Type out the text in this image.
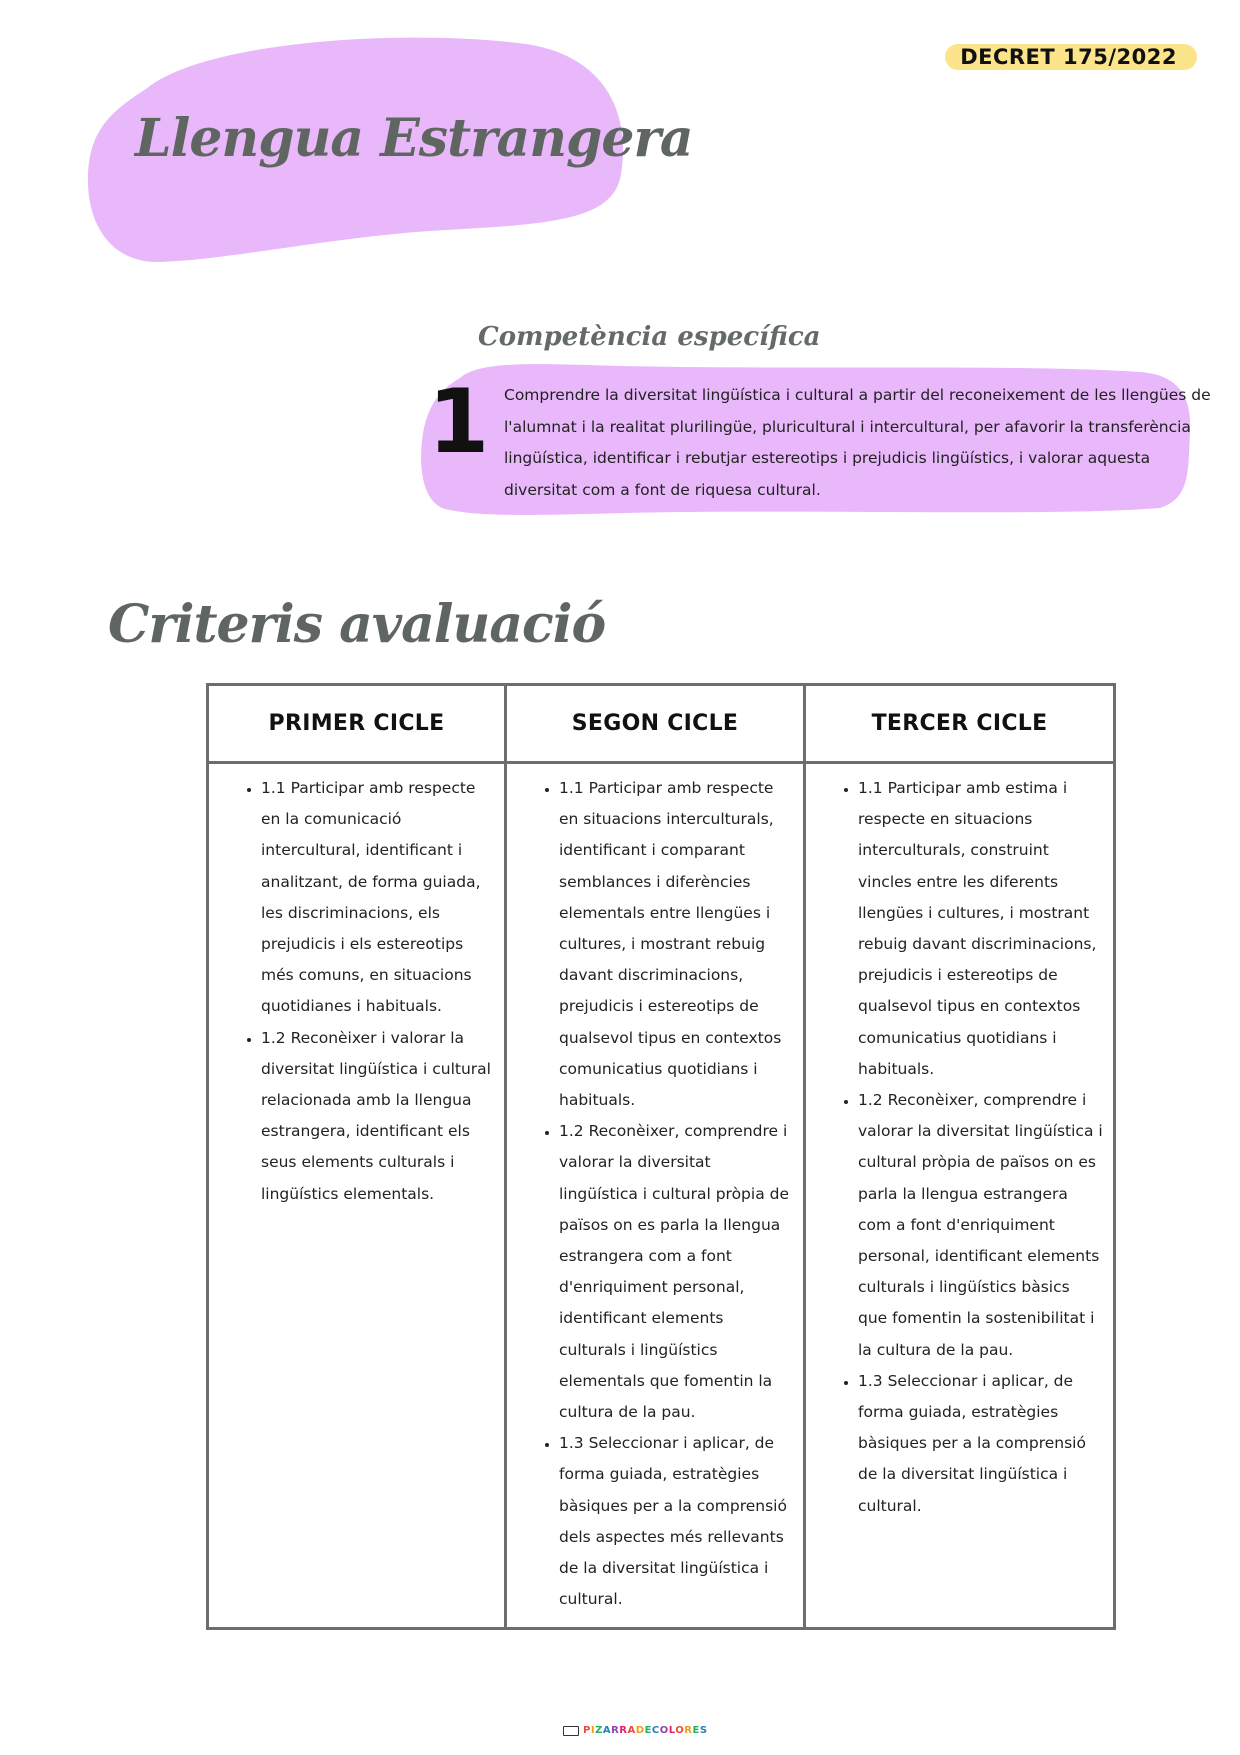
DECRET 175/2022
Llengua Estrangera
Competència específica
1 Comprendre la diversitat lingüística i cultural a partir del reconeixement de les llengües de l'alumnat i la realitat plurilingüe, pluricultural i intercultural, per afavorir la transferència lingüística, identificar i rebutjar estereotips i prejudicis lingüístics, i valorar aquesta diversitat com a font de riquesa cultural.
Criteris avaluació
PRIMER CICLE	SEGON CICLE	TERCER CICLE
• 1.1 Participar amb respecte en la comunicació intercultural, identificant i analitzant, de forma guiada, les discriminacions, els prejudicis i els estereotips més comuns, en situacions quotidianes i habituals.
• 1.2 Reconèixer i valorar la diversitat lingüística i cultural relacionada amb la llengua estrangera, identificant els seus elements culturals i lingüístics elementals.
• 1.1 Participar amb respecte en situacions interculturals, identificant i comparant semblances i diferències elementals entre llengües i cultures, i mostrant rebuig davant discriminacions, prejudicis i estereotips de qualsevol tipus en contextos comunicatius quotidians i habituals.
• 1.2 Reconèixer, comprendre i valorar la diversitat lingüística i cultural pròpia de països on es parla la llengua estrangera com a font d'enriquiment personal, identificant elements culturals i lingüístics elementals que fomentin la cultura de la pau.
• 1.3 Seleccionar i aplicar, de forma guiada, estratègies bàsiques per a la comprensió dels aspectes més rellevants de la diversitat lingüística i cultural.
• 1.1 Participar amb estima i respecte en situacions interculturals, construint vincles entre les diferents llengües i cultures, i mostrant rebuig davant discriminacions, prejudicis i estereotips de qualsevol tipus en contextos comunicatius quotidians i habituals.
• 1.2 Reconèixer, comprendre i valorar la diversitat lingüística i cultural pròpia de països on es parla la llengua estrangera com a font d'enriquiment personal, identificant elements culturals i lingüístics bàsics que fomentin la sostenibilitat i la cultura de la pau.
• 1.3 Seleccionar i aplicar, de forma guiada, estratègies bàsiques per a la comprensió de la diversitat lingüística i cultural.
PIZARRADECOLORES
